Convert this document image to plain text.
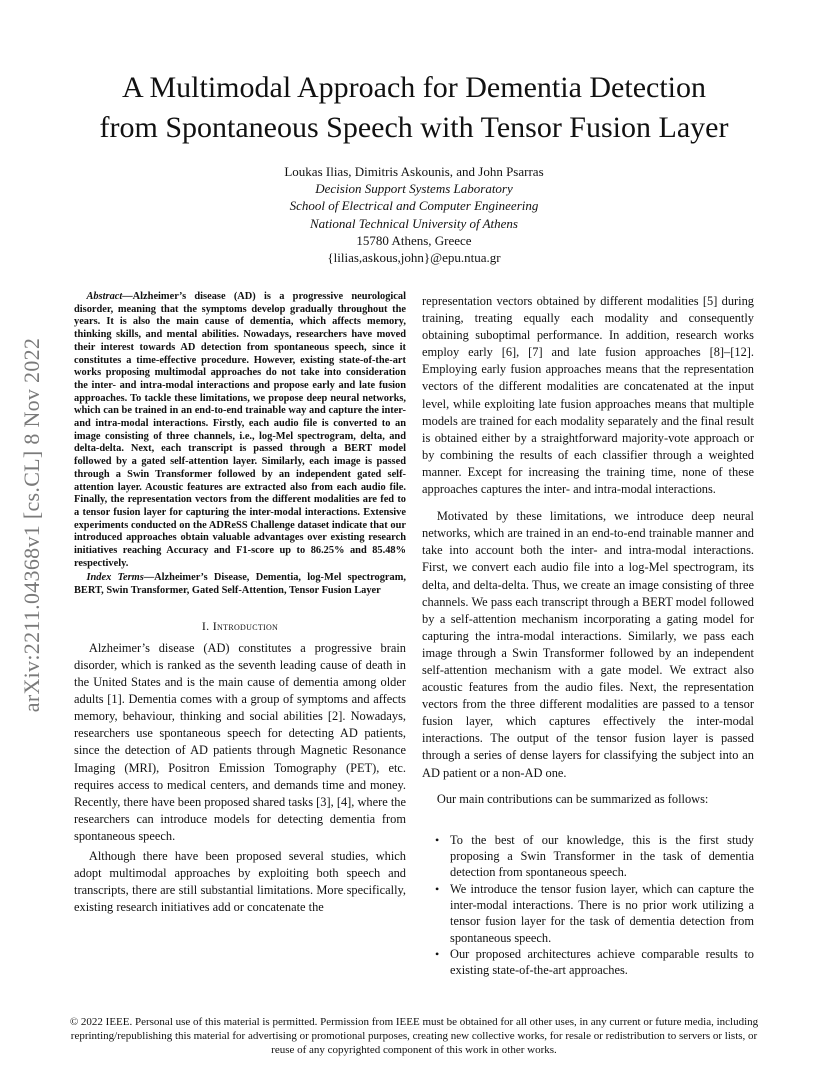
A Multimodal Approach for Dementia Detection
from Spontaneous Speech with Tensor Fusion Layer
Loukas Ilias, Dimitris Askounis, and John Psarras
Decision Support Systems Laboratory
School of Electrical and Computer Engineering
National Technical University of Athens
15780 Athens, Greece
{lilias,askous,john}@epu.ntua.gr
arXiv:2211.04368v1 [cs.CL] 8 Nov 2022

Abstract—Alzheimer’s disease (AD) is a progressive neurological disorder, meaning that the symptoms develop gradually throughout the years. It is also the main cause of dementia, which affects memory, thinking skills, and mental abilities. Nowadays, researchers have moved their interest towards AD detection from spontaneous speech, since it constitutes a time-effective procedure. However, existing state-of-the-art works proposing multimodal approaches do not take into consideration the inter- and intra-modal interactions and propose early and late fusion approaches. To tackle these limitations, we propose deep neural networks, which can be trained in an end-to-end trainable way and capture the inter- and intra-modal interactions. Firstly, each audio file is converted to an image consisting of three channels, i.e., log-Mel spectrogram, delta, and delta-delta. Next, each transcript is passed through a BERT model followed by a gated self-attention layer. Similarly, each image is passed through a Swin Transformer followed by an independent gated self-attention layer. Acoustic features are extracted also from each audio file. Finally, the representation vectors from the different modalities are fed to a tensor fusion layer for capturing the inter-modal interactions. Extensive experiments conducted on the ADReSS Challenge dataset indicate that our introduced approaches obtain valuable advantages over existing research initiatives reaching Accuracy and F1-score up to 86.25% and 85.48% respectively.

Index Terms—Alzheimer’s Disease, Dementia, log-Mel spectrogram, BERT, Swin Transformer, Gated Self-Attention, Tensor Fusion Layer

I. Introduction

Alzheimer’s disease (AD) constitutes a progressive brain disorder, which is ranked as the seventh leading cause of death in the United States and is the main cause of dementia among older adults [1]. Dementia comes with a group of symptoms and affects memory, behaviour, thinking and social abilities [2]. Nowadays, researchers use spontaneous speech for detecting AD patients, since the detection of AD patients through Magnetic Resonance Imaging (MRI), Positron Emission Tomography (PET), etc. requires access to medical centers, and demands time and money. Recently, there have been proposed shared tasks [3], [4], where the researchers can introduce models for detecting dementia from spontaneous speech.

Although there have been proposed several studies, which adopt multimodal approaches by exploiting both speech and transcripts, there are still substantial limitations. More specifically, existing research initiatives add or concatenate the

representation vectors obtained by different modalities [5] during training, treating equally each modality and consequently obtaining suboptimal performance. In addition, research works employ early [6], [7] and late fusion approaches [8]–[12]. Employing early fusion approaches means that the representation vectors of the different modalities are concatenated at the input level, while exploiting late fusion approaches means that multiple models are trained for each modality separately and the final result is obtained either by a straightforward majority-vote approach or by combining the results of each classifier through a weighted manner. Except for increasing the training time, none of these approaches captures the inter- and intra-modal interactions.

Motivated by these limitations, we introduce deep neural networks, which are trained in an end-to-end trainable manner and take into account both the inter- and intra-modal interactions. First, we convert each audio file into a log-Mel spectrogram, its delta, and delta-delta. Thus, we create an image consisting of three channels. We pass each transcript through a BERT model followed by a self-attention mechanism incorporating a gating model for capturing the intra-modal interactions. Similarly, we pass each image through a Swin Transformer followed by an independent self-attention mechanism with a gate model. We extract also acoustic features from the audio files. Next, the representation vectors from the three different modalities are passed to a tensor fusion layer, which captures effectively the inter-modal interactions. The output of the tensor fusion layer is passed through a series of dense layers for classifying the subject into an AD patient or a non-AD one.

Our main contributions can be summarized as follows:

• To the best of our knowledge, this is the first study proposing a Swin Transformer in the task of dementia detection from spontaneous speech.
• We introduce the tensor fusion layer, which can capture the inter-modal interactions. There is no prior work utilizing a tensor fusion layer for the task of dementia detection from spontaneous speech.
• Our proposed architectures achieve comparable results to existing state-of-the-art approaches.
© 2022 IEEE. Personal use of this material is permitted. Permission from IEEE must be obtained for all other uses, in any current or future media, including reprinting/republishing this material for advertising or promotional purposes, creating new collective works, for resale or redistribution to servers or lists, or reuse of any copyrighted component of this work in other works.
